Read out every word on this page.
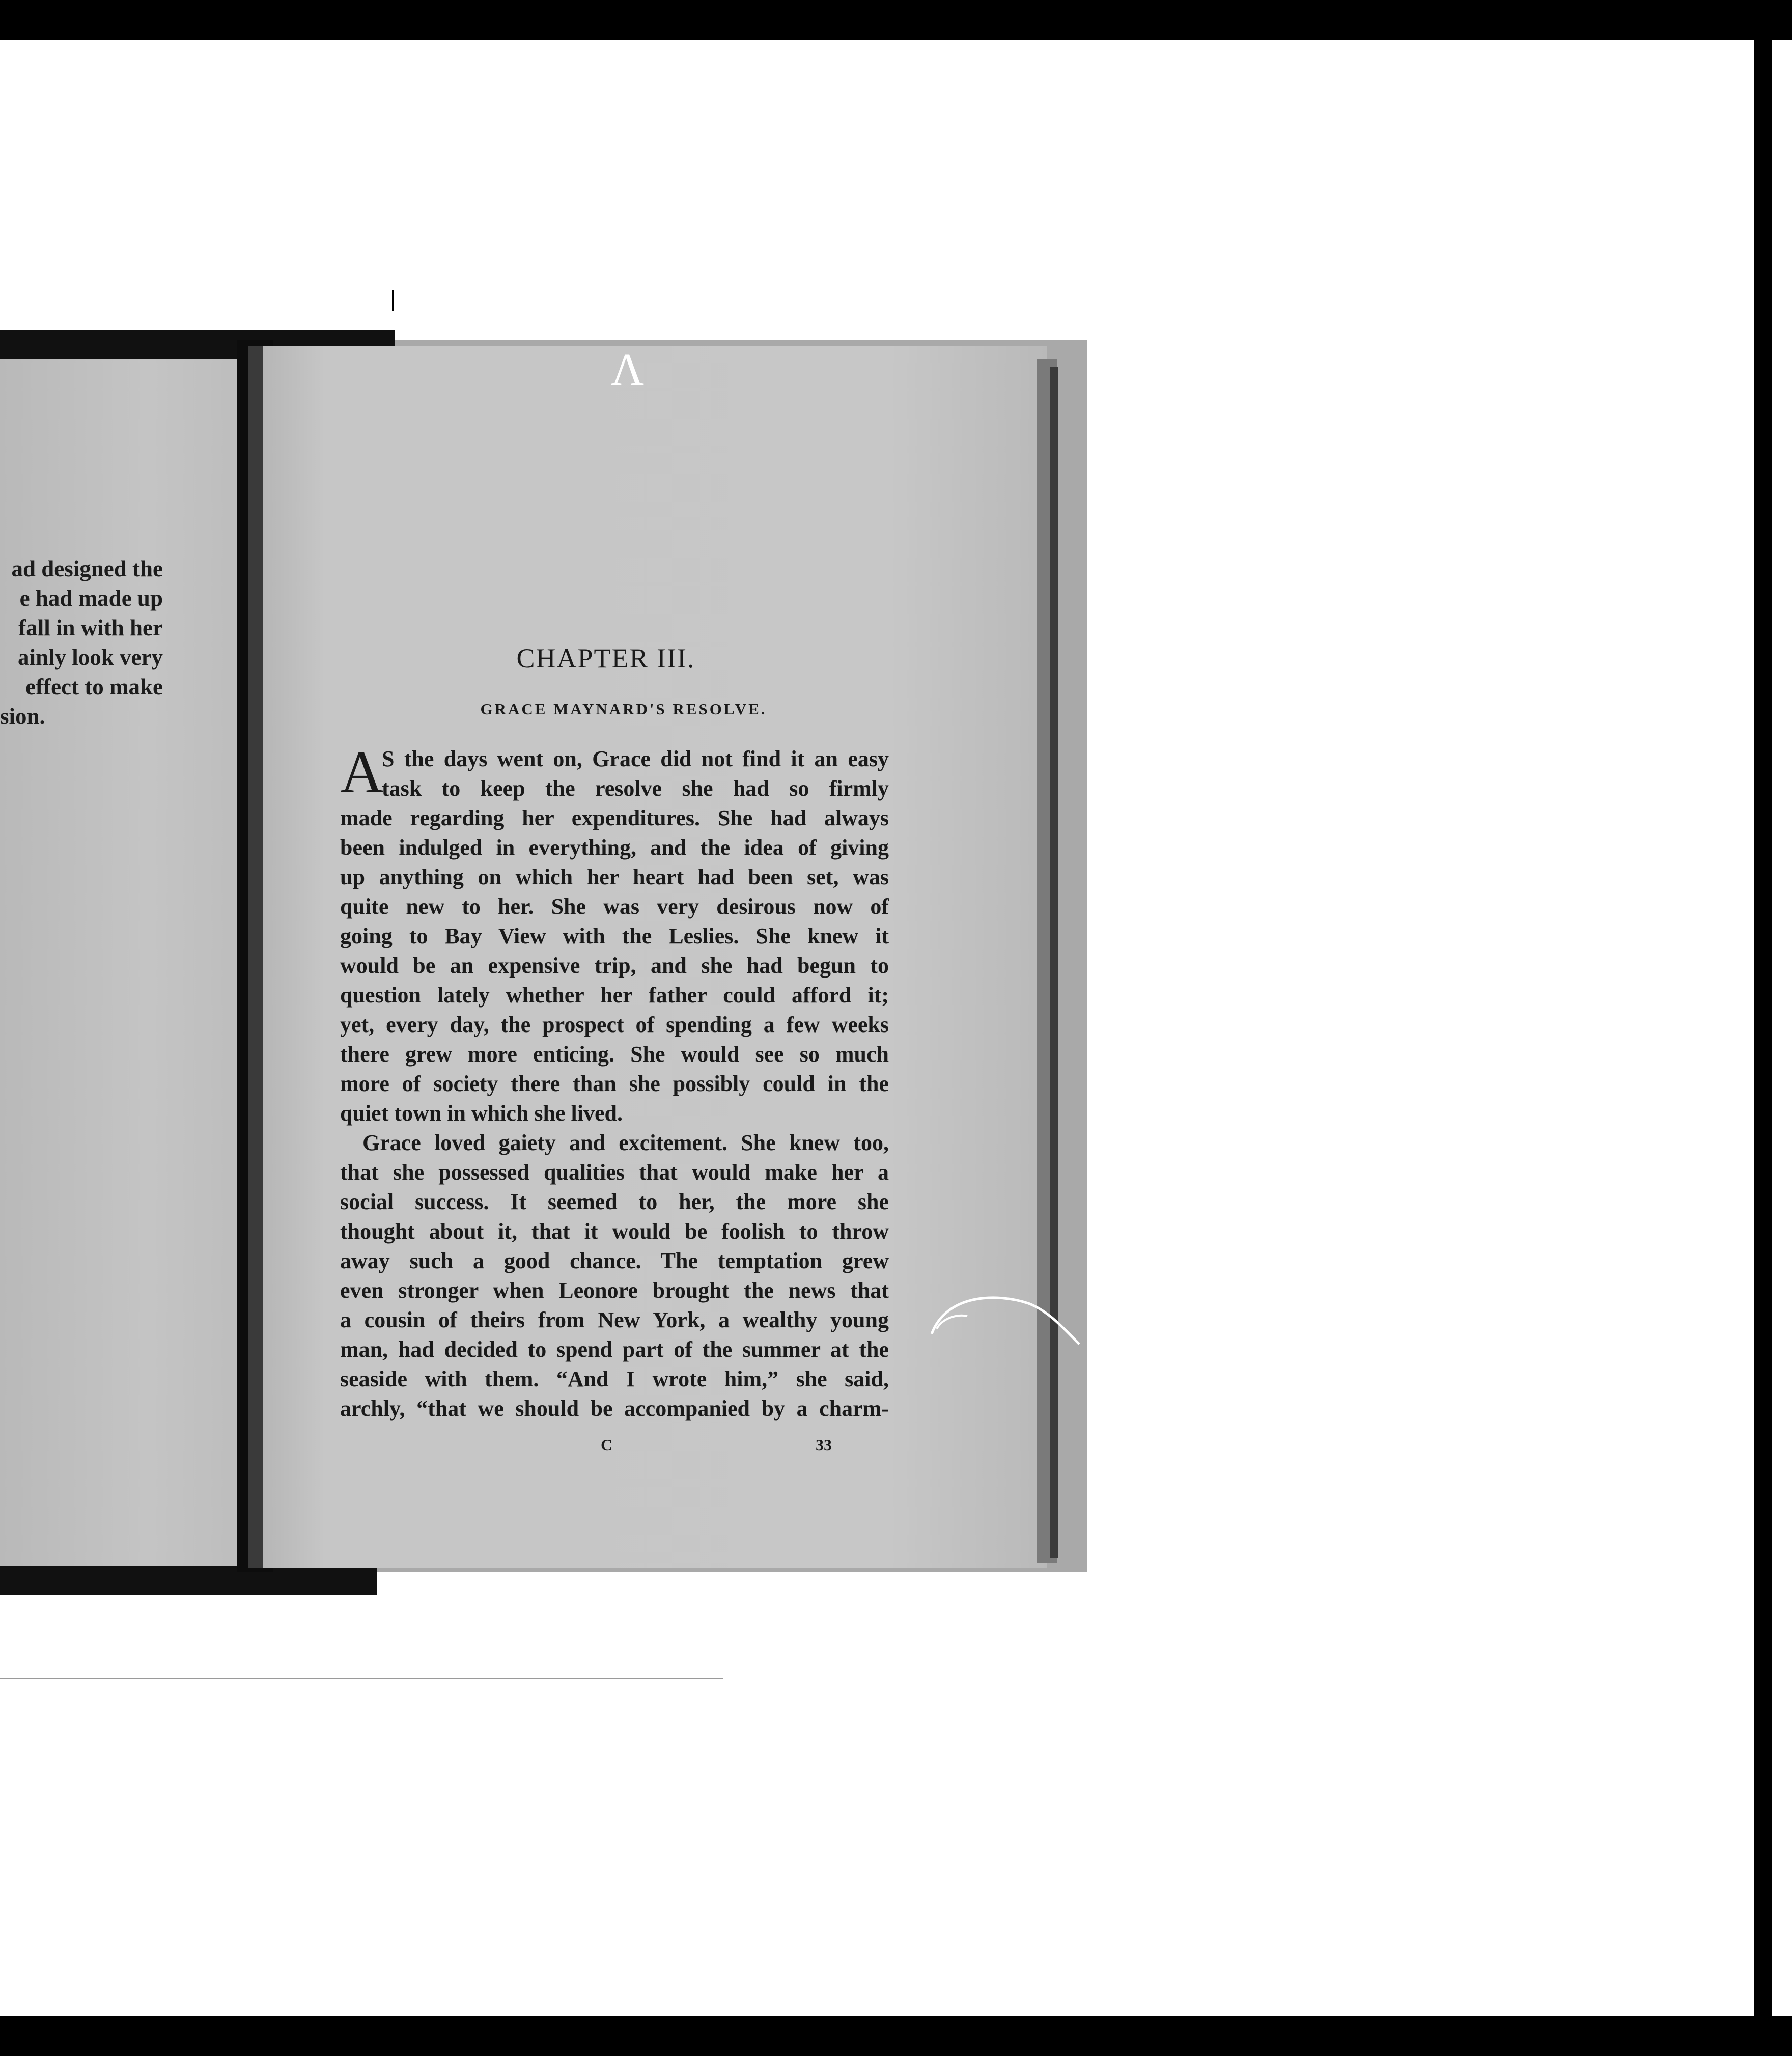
ad designed the
e had made up
fall in with her
ainly look very
effect to make
sion.
Λ
CHAPTER III.
GRACE MAYNARD'S RESOLVE.
A
S the days went on, Grace did not find it an easy
task to keep the resolve she had so firmly
made regarding her expenditures. She had always
been indulged in everything, and the idea of giving
up anything on which her heart had been set, was
quite new to her. She was very desirous now of
going to Bay View with the Leslies. She knew it
would be an expensive trip, and she had begun to
question lately whether her father could afford it;
yet, every day, the prospect of spending a few weeks
there grew more enticing. She would see so much
more of society there than she possibly could in the
quiet town in which she lived.
Grace loved gaiety and excitement. She knew too,
that she possessed qualities that would make her a
social success. It seemed to her, the more she
thought about it, that it would be foolish to throw
away such a good chance. The temptation grew
even stronger when Leonore brought the news that
a cousin of theirs from New York, a wealthy young
man, had decided to spend part of the summer at the
seaside with them. “And I wrote him,” she said,
archly, “that we should be accompanied by a charm-
C	33
